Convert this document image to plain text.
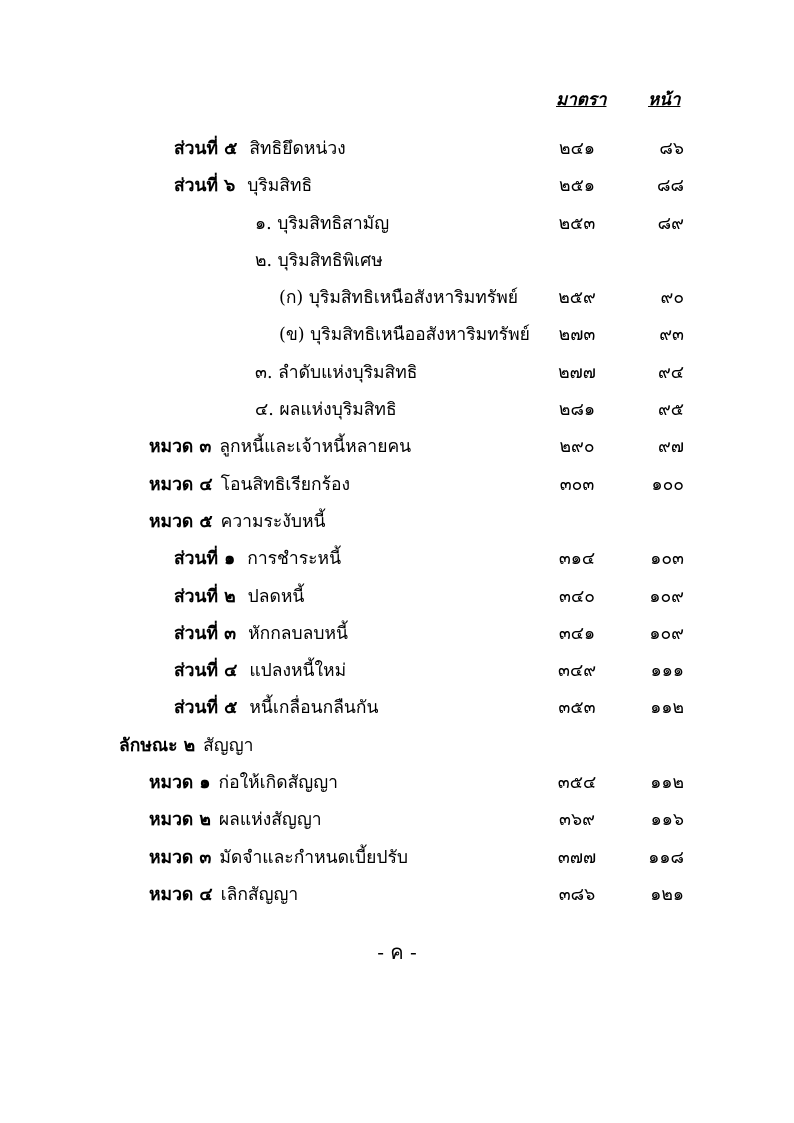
มาตรา หน้า
ส่วนที่ ๕ สิทธิยึดหน่วง	๒๔๑	๘๖
ส่วนที่ ๖ บุริมสิทธิ	๒๕๑	๘๘
๑. บุริมสิทธิสามัญ	๒๕๓	๘๙
๒. บุริมสิทธิพิเศษ
(ก) บุริมสิทธิเหนือสังหาริมทรัพย์	๒๕๙	๙๐
(ข) บุริมสิทธิเหนืออสังหาริมทรัพย์	๒๗๓	๙๓
๓. ลำดับแห่งบุริมสิทธิ	๒๗๗	๙๔
๔. ผลแห่งบุริมสิทธิ	๒๘๑	๙๕
หมวด ๓ ลูกหนี้และเจ้าหนี้หลายคน	๒๙๐	๙๗
หมวด ๔ โอนสิทธิเรียกร้อง	๓๐๓	๑๐๐
หมวด ๕ ความระงับหนี้
ส่วนที่ ๑ การชำระหนี้	๓๑๔	๑๐๓
ส่วนที่ ๒ ปลดหนี้	๓๔๐	๑๐๙
ส่วนที่ ๓ หักกลบลบหนี้	๓๔๑	๑๐๙
ส่วนที่ ๔ แปลงหนี้ใหม่	๓๔๙	๑๑๑
ส่วนที่ ๕ หนี้เกลื่อนกลืนกัน	๓๕๓	๑๑๒
ลักษณะ ๒ สัญญา
หมวด ๑ ก่อให้เกิดสัญญา	๓๕๔	๑๑๒
หมวด ๒ ผลแห่งสัญญา	๓๖๙	๑๑๖
หมวด ๓ มัดจำและกำหนดเบี้ยปรับ	๓๗๗	๑๑๘
หมวด ๔ เลิกสัญญา	๓๘๖	๑๒๑
- ค -
